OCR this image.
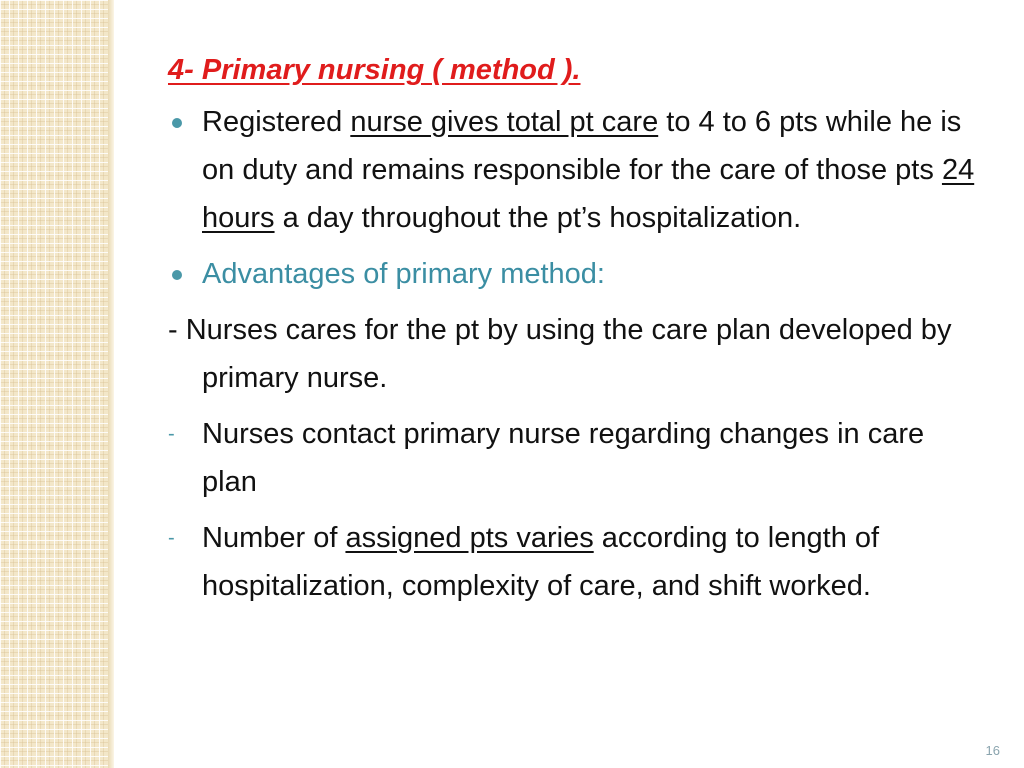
4- Primary nursing ( method ).
Registered nurse gives total pt care to 4 to 6 pts while he is on duty and remains responsible for the care of those pts 24 hours a day throughout the pt’s hospitalization.
Advantages of primary method:
- Nurses cares for the pt by using the care plan developed by primary nurse.
- Nurses contact primary nurse regarding changes in care plan
- Number of assigned pts varies according to length of hospitalization, complexity of care, and shift worked.
16
